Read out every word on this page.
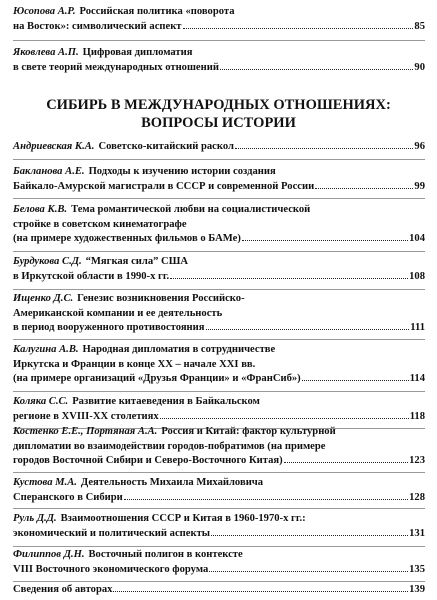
Юсопова А.Р. Российская политика «поворота
на Восток»: символический аспект	85
Яковлева А.П. Цифровая дипломатия
в свете теорий международных отношений	90
СИБИРЬ В МЕЖДУНАРОДНЫХ ОТНОШЕНИЯХ:
ВОПРОСЫ ИСТОРИИ
Андриевская К.А. Советско-китайский раскол	96
Бакланова А.Е. Подходы к изучению истории создания
Байкало-Амурской магистрали в СССР и современной России	99
Белова К.В. Тема романтической любви на социалистической
стройке в советском кинематографе
(на примере художественных фильмов о БАМе)	104
Бурдукова С.Д. “Мягкая сила” США
в Иркутской области в 1990-х гг.	108
Ищенко Д.С. Генезис возникновения Российско-
Американской компании и ее деятельность
в период вооруженного противостояния	111
Калугина А.В. Народная дипломатия в сотрудничестве
Иркутска и Франции в конце XX – начале XXI вв.
(на примере организаций «Друзья Франции» и «ФранСиб»)	114
Коляка С.С. Развитие китаеведения в Байкальском
регионе в XVIII-XX столетиях	118
Костенко Е.Е., Портяная А.А. Россия и Китай: фактор культурной
дипломатии во взаимодействии городов-побратимов (на примере
городов Восточной Сибири и Северо-Восточного Китая)	123
Кустова М.А. Деятельность Михаила Михайловича
Сперанского в Сибири	128
Руль Д.Д. Взаимоотношения СССР и Китая в 1960-1970-х гг.:
экономический и политический аспекты	131
Филиппов Д.Н. Восточный полигон в контексте
VIII Восточного экономического форума	135
Сведения об авторах	139
